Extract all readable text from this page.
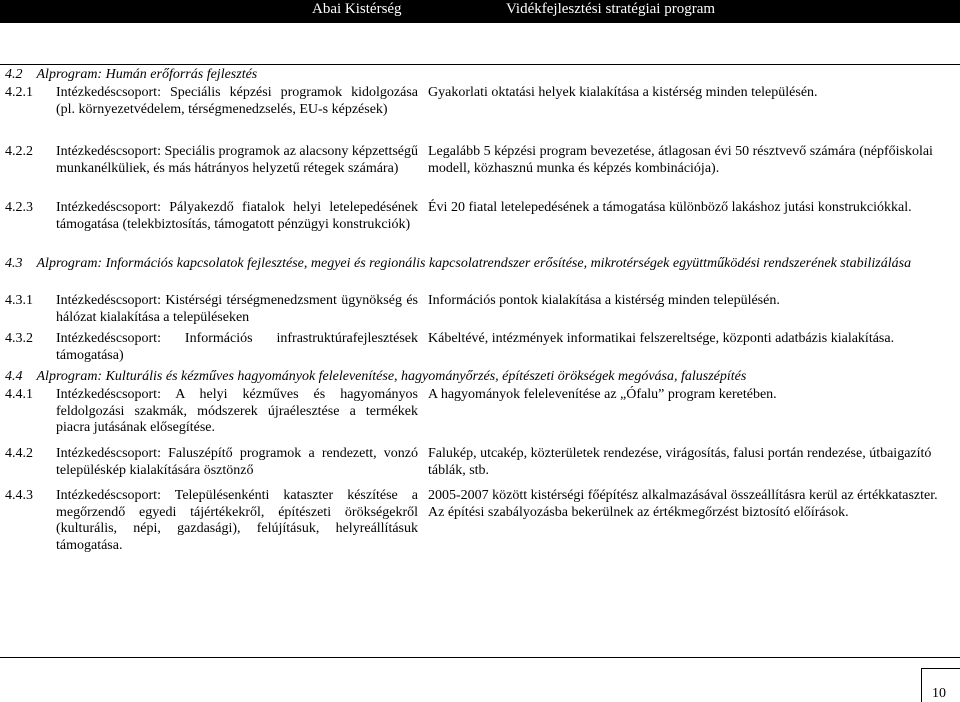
Abai Kistérség	Vidékfejlesztési stratégiai program
4.2 Alprogram: Humán erőforrás fejlesztés
4.2.1 Intézkedéscsoport: Speciális képzési programok kidolgozása (pl. környezetvédelem, térségmenedzselés, EU-s képzések)
Gyakorlati oktatási helyek kialakítása a kistérség minden településén.
4.2.2 Intézkedéscsoport: Speciális programok az alacsony képzettségű munkanélküliek, és más hátrányos helyzetű rétegek számára)
Legalább 5 képzési program bevezetése, átlagosan évi 50 résztvevő számára (népfőiskolai modell, közhasznú munka és képzés kombinációja).
4.2.3 Intézkedéscsoport: Pályakezdő fiatalok helyi letelepedésének támogatása (telekbiztosítás, támogatott pénzügyi konstrukciók)
Évi 20 fiatal letelepedésének a támogatása különböző lakáshoz jutási konstrukciókkal.
4.3 Alprogram: Információs kapcsolatok fejlesztése, megyei és regionális kapcsolatrendszer erősítése, mikrotérségek együttműködési rendszerének stabilizálása
4.3.1 Intézkedéscsoport: Kistérségi térségmenedzsment ügynökség és hálózat kialakítása a településeken
Információs pontok kialakítása a kistérség minden településén.
4.3.2 Intézkedéscsoport: Információs infrastruktúrafejlesztések támogatása)
Kábeltévé, intézmények informatikai felszereltsége, központi adatbázis kialakítása.
4.4 Alprogram: Kulturális és kézműves hagyományok felelevenítése, hagyományőrzés, építészeti örökségek megóvása, faluszépítés
4.4.1 Intézkedéscsoport: A helyi kézműves és hagyományos feldolgozási szakmák, módszerek újraélesztése a termékek piacra jutásának elősegítése.
A hagyományok felelevenítése az „Ófalu” program keretében.
4.4.2 Intézkedéscsoport: Faluszépítő programok a rendezett, vonzó településkép kialakítására ösztönző
Falukép, utcakép, közterületek rendezése, virágosítás, falusi portán rendezése, útbaigazító táblák, stb.
4.4.3 Intézkedéscsoport: Településenkénti kataszter készítése a megőrzendő egyedi tájértékekről, építészeti örökségekről (kulturális, népi, gazdasági), felújításuk, helyreállításuk támogatása.
2005-2007 között kistérségi főépítész alkalmazásával összeállításra kerül az értékkataszter. Az építési szabályozásba bekerülnek az értékmegőrzést biztosító előírások.
10
